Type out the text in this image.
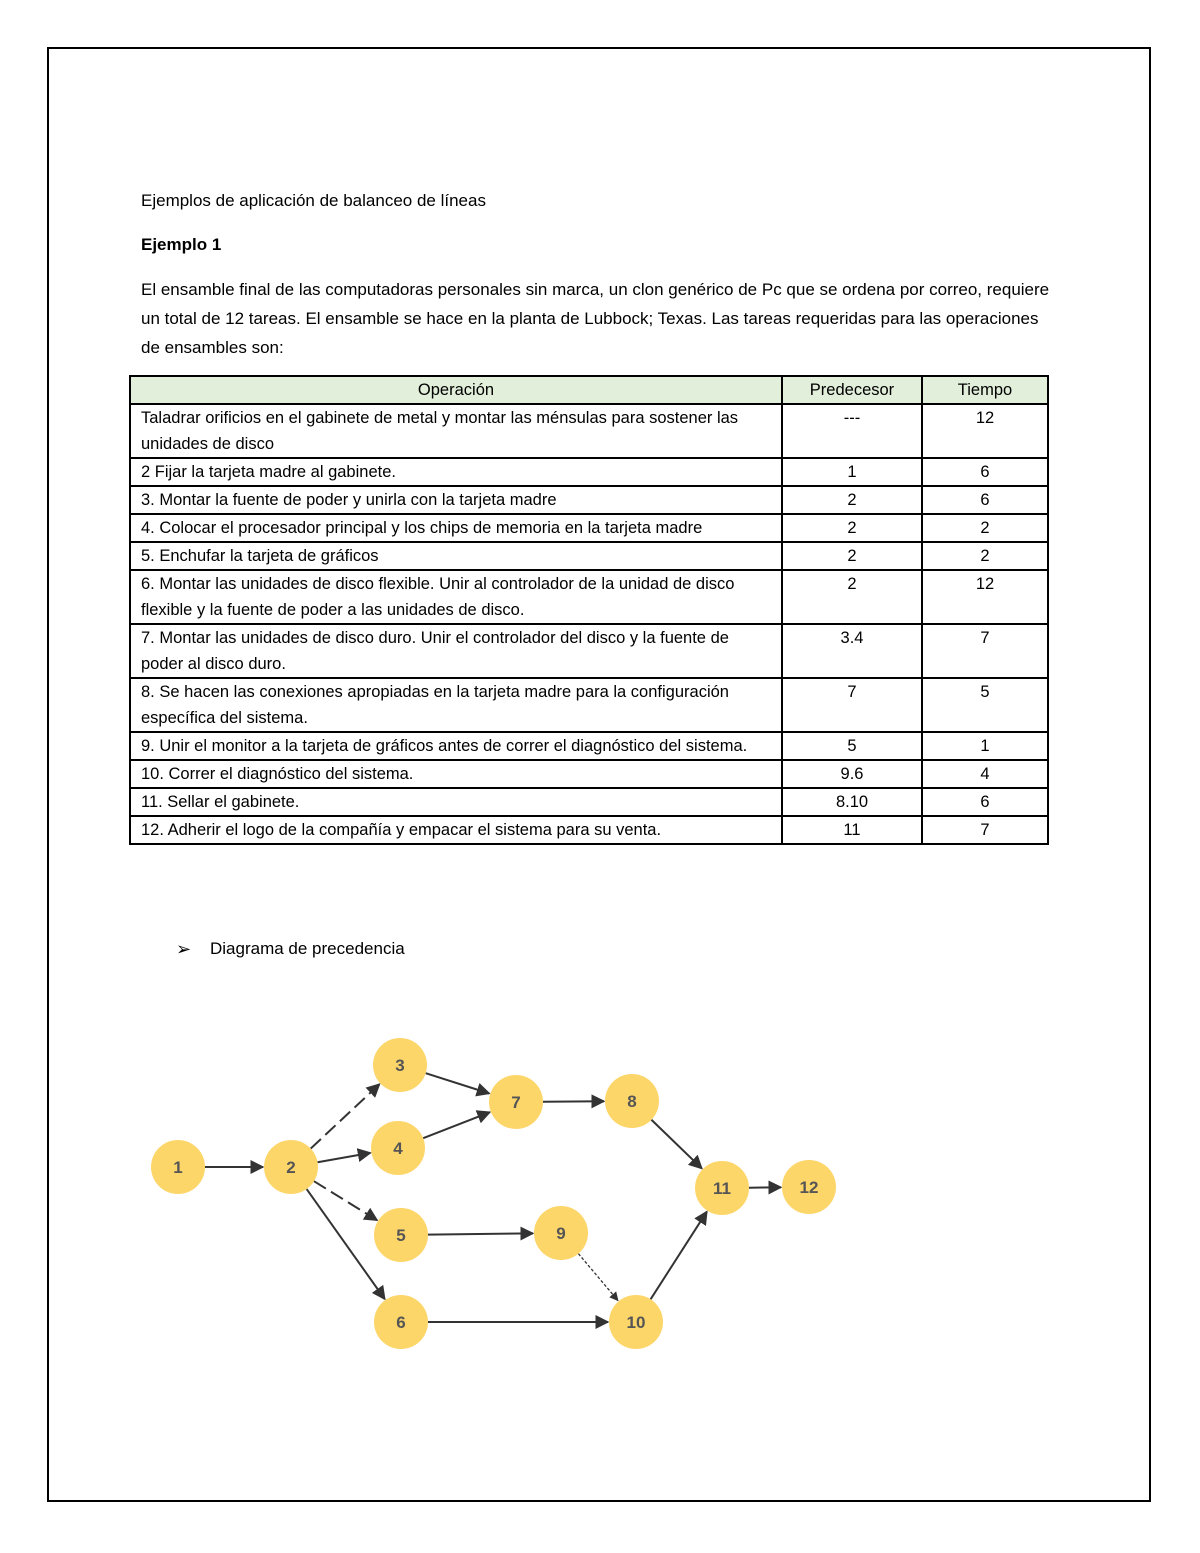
Ejemplos de aplicación de balanceo de líneas
Ejemplo 1
El ensamble final de las computadoras personales sin marca, un clon genérico de Pc que se ordena por correo, requiere un total de 12 tareas. El ensamble se hace en la planta de Lubbock; Texas. Las tareas requeridas para las operaciones de ensambles son:
Operación	Predecesor	Tiempo
Taladrar orificios en el gabinete de metal y montar las ménsulas para sostener las unidades de disco	---	12
2 Fijar la tarjeta madre al gabinete.	1	6
3. Montar la fuente de poder y unirla con la tarjeta madre	2	6
4. Colocar el procesador principal y los chips de memoria en la tarjeta madre	2	2
5. Enchufar la tarjeta de gráficos	2	2
6. Montar las unidades de disco flexible. Unir al controlador de la unidad de disco flexible y la fuente de poder a las unidades de disco.	2	12
7. Montar las unidades de disco duro. Unir el controlador del disco y la fuente de poder al disco duro.	3.4	7
8. Se hacen las conexiones apropiadas en la tarjeta madre para la configuración específica del sistema.	7	5
9. Unir el monitor a la tarjeta de gráficos antes de correr el diagnóstico del sistema.	5	1
10. Correr el diagnóstico del sistema.	9.6	4
11. Sellar el gabinete.	8.10	6
12. Adherir el logo de la compañía y empacar el sistema para su venta.	11	7
➢	Diagrama de precedencia
1	2
3
4
5
6
7	8
9
10
11	12
